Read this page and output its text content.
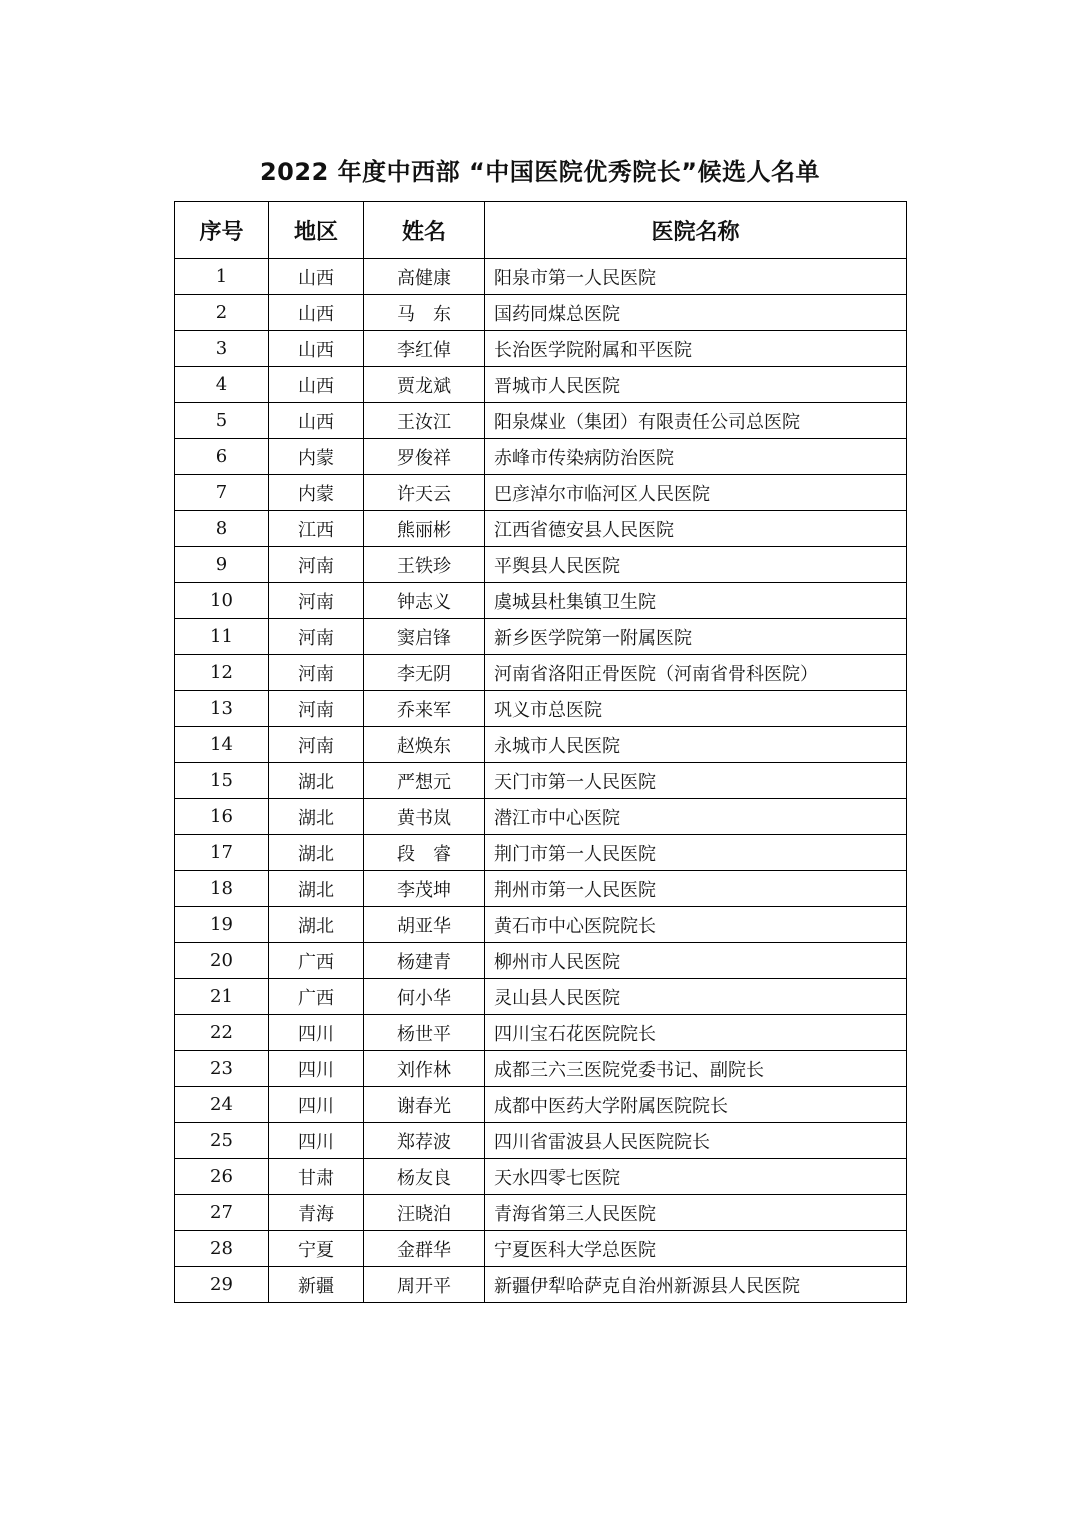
2022 年度中西部 “中国医院优秀院长”候选人名单
序号	地区	姓名	医院名称
1	山西	高健康	阳泉市第一人民医院
2	山西	马　东	国药同煤总医院
3	山西	李红倬	长治医学院附属和平医院
4	山西	贾龙斌	晋城市人民医院
5	山西	王汝江	阳泉煤业（集团）有限责任公司总医院
6	内蒙	罗俊祥	赤峰市传染病防治医院
7	内蒙	许天云	巴彦淖尔市临河区人民医院
8	江西	熊丽彬	江西省德安县人民医院
9	河南	王铁珍	平舆县人民医院
10	河南	钟志义	虞城县杜集镇卫生院
11	河南	窦启锋	新乡医学院第一附属医院
12	河南	李无阴	河南省洛阳正骨医院（河南省骨科医院）
13	河南	乔来军	巩义市总医院
14	河南	赵焕东	永城市人民医院
15	湖北	严想元	天门市第一人民医院
16	湖北	黄书岚	潜江市中心医院
17	湖北	段　睿	荆门市第一人民医院
18	湖北	李茂坤	荆州市第一人民医院
19	湖北	胡亚华	黄石市中心医院院长
20	广西	杨建青	柳州市人民医院
21	广西	何小华	灵山县人民医院
22	四川	杨世平	四川宝石花医院院长
23	四川	刘作林	成都三六三医院党委书记、副院长
24	四川	谢春光	成都中医药大学附属医院院长
25	四川	郑荐波	四川省雷波县人民医院院长
26	甘肃	杨友良	天水四零七医院
27	青海	汪晓泊	青海省第三人民医院
28	宁夏	金群华	宁夏医科大学总医院
29	新疆	周开平	新疆伊犁哈萨克自治州新源县人民医院
